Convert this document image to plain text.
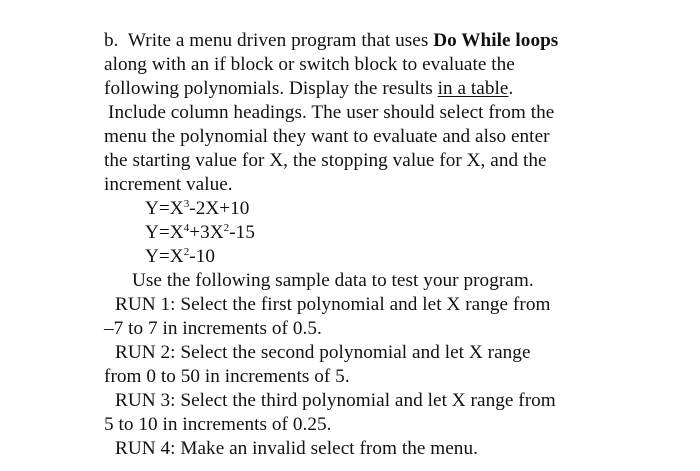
b. Write a menu driven program that uses Do While loops
along with an if block or switch block to evaluate the
following polynomials. Display the results in a table.
Include column headings. The user should select from the
menu the polynomial they want to evaluate and also enter
the starting value for X, the stopping value for X, and the
increment value.
$Y=X^3-2X+10$
$Y=X^4+3X^2-15$
$Y=X^2-10$
Use the following sample data to test your program.
RUN 1: Select the first polynomial and let X range from
–7 to 7 in increments of 0.5.
RUN 2: Select the second polynomial and let X range
from 0 to 50 in increments of 5.
RUN 3: Select the third polynomial and let X range from
5 to 10 in increments of 0.25.
RUN 4: Make an invalid select from the menu.
